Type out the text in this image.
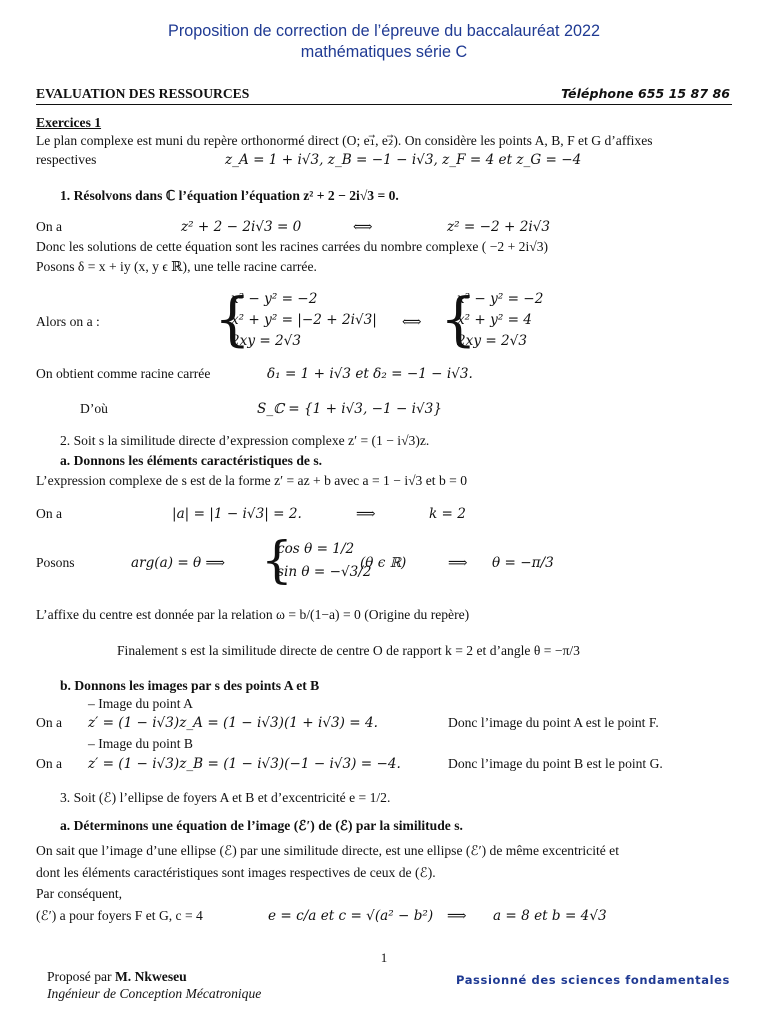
Proposition de correction de l’épreuve du baccalauréat 2022
mathématiques série C
EVALUATION DES RESSOURCES	Téléphone 655 15 87 86
Exercices 1
Le plan complexe est muni du repère orthonormé direct (O; e₁⃗, e₂⃗). On considère les points A, B, F et G d’affixes
respectives	z_A = 1 + i√3, z_B = −1 − i√3, z_F = 4 et z_G = −4
1. Résolvons dans ℂ l’équation l’équation z² + 2 − 2i√3 = 0.
On a	z² + 2 − 2i√3 = 0	⟺	z² = −2 + 2i√3
Donc les solutions de cette équation sont les racines carrées du nombre complexe ( −2 + 2i√3)
Posons δ = x + iy (x, y ϵ ℝ), une telle racine carrée.
Alors on a : {
x² − y² = −2
x² + y² = |−2 + 2i√3|
2xy = 2√3
⟺ {
x² − y² = −2
x² + y² = 4
2xy = 2√3
On obtient comme racine carrée	δ₁ = 1 + i√3 et δ₂ = −1 − i√3.
D’où	S_ℂ = {1 + i√3, −1 − i√3}
2. Soit s la similitude directe d’expression complexe z′ = (1 − i√3)z.
a. Donnons les éléments caractéristiques de s.
L’expression complexe de s est de la forme z′ = az + b avec a = 1 − i√3 et b = 0
On a	|a| = |1 − i√3| = 2.	⟹	k = 2
Posons	arg(a) = θ ⟹ {
cos θ = 1/2
sin θ = −√3/2
(θ ϵ ℝ)	⟹ θ = −π/3
L’affixe du centre est donnée par la relation ω = b/(1−a) = 0 (Origine du repère)
Finalement s est la similitude directe de centre O de rapport k = 2 et d’angle θ = −π/3
b. Donnons les images par s des points A et B
– Image du point A
On a z′ = (1 − i√3)z_A = (1 − i√3)(1 + i√3) = 4.	Donc l’image du point A est le point F.
– Image du point B
On a z′ = (1 − i√3)z_B = (1 − i√3)(−1 − i√3) = −4.	Donc l’image du point B est le point G.
3. Soit (ℰ) l’ellipse de foyers A et B et d’excentricité e = 1/2.
a. Déterminons une équation de l’image (ℰ′) de (ℰ) par la similitude s.
On sait que l’image d’une ellipse (ℰ) par une similitude directe, est une ellipse (ℰ′) de même excentricité et
dont les éléments caractéristiques sont images respectives de ceux de (ℰ).
Par conséquent,
(ℰ′) a pour foyers F et G, c = 4	e = c/a et c = √(a² − b²) ⟹ a = 8 et b = 4√3
1
Proposé par M. Nkweseu
Ingénieur de Conception Mécatronique
Passionné des sciences fondamentales
